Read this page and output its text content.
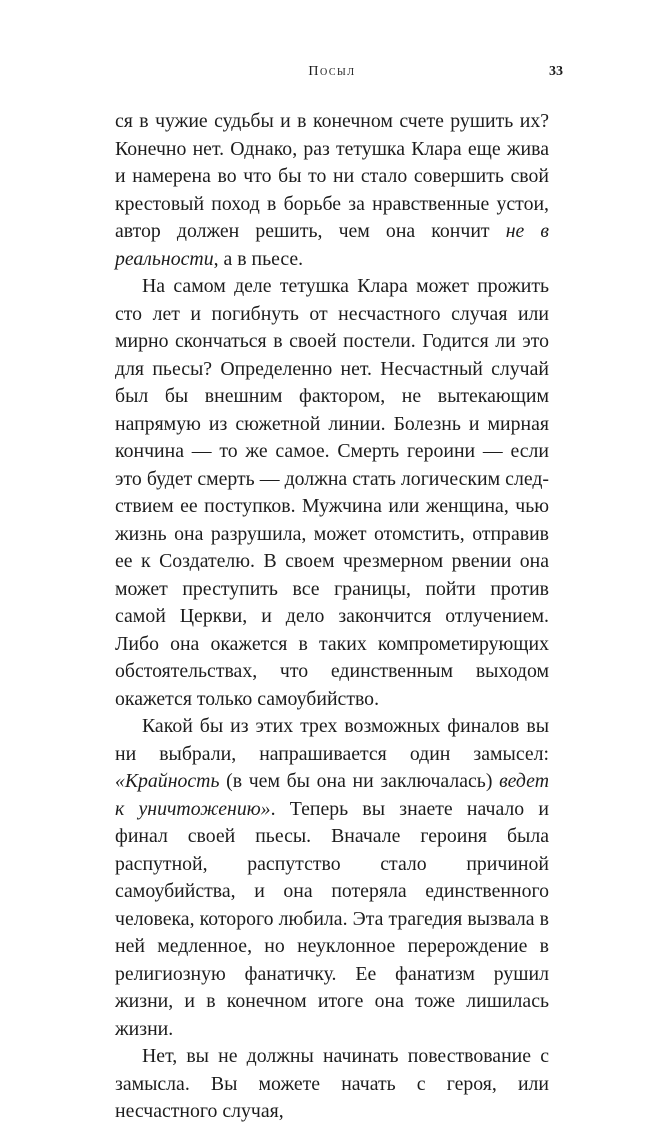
Посыл	33

ся в чужие судьбы и в конечном счете рушить их? Конечно нет. Однако, раз тетушка Клара еще жива и намерена во что бы то ни стало совершить свой крестовый поход в борьбе за нравственные устои, автор должен решить, чем она кончит не в реальности, а в пьесе.

На самом деле тетушка Клара может прожить сто лет и погибнуть от несчастного случая или мирно скончаться в своей постели. Годится ли это для пьесы? Определенно нет. Несчастный случай был бы внешним фактором, не вытекающим напрямую из сюжетной линии. Болезнь и мирная кончина — то же самое. Смерть героини — если это будет смерть — должна стать логическим следствием ее поступков. Мужчина или женщина, чью жизнь она разрушила, может отомстить, отправив ее к Создателю. В своем чрезмерном рвении она может преступить все границы, пойти против самой Церкви, и дело закончится отлучением. Либо она окажется в таких компрометирующих обстоятельствах, что единственным выходом окажется только самоубийство.

Какой бы из этих трех возможных финалов вы ни выбрали, напрашивается один замысел: «Крайность (в чем бы она ни заключалась) ведет к уничтожению». Теперь вы знаете начало и финал своей пьесы. Вначале героиня была распутной, распутство стало причиной самоубийства, и она потеряла единственного человека, которого любила. Эта трагедия вызвала в ней медленное, но неуклонное перерождение в религиозную фанатичку. Ее фанатизм рушил жизни, и в конечном итоге она тоже лишилась жизни.

Нет, вы не должны начинать повествование с замысла. Вы можете начать с героя, или несчастного случая,
